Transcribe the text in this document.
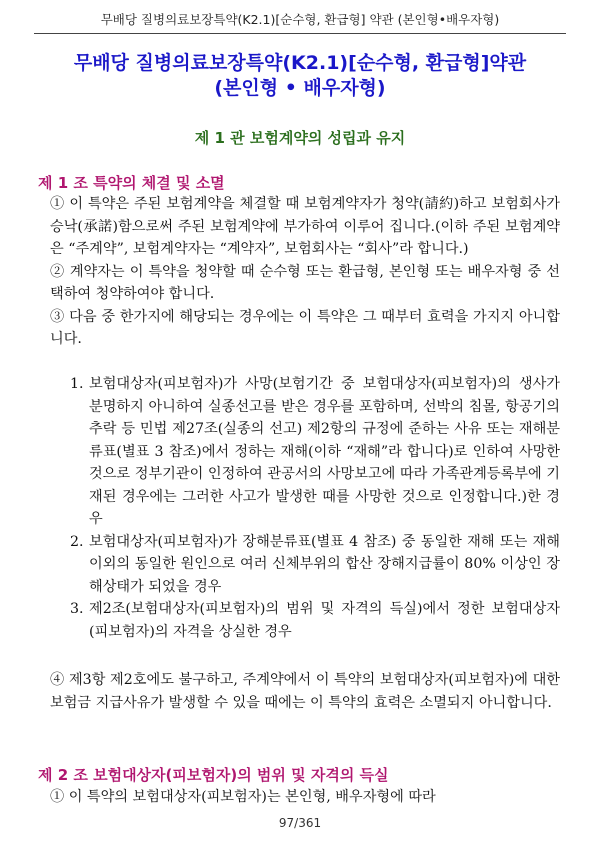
무배당 질병의료보장특약(K2.1)[순수형, 환급형] 약관 (본인형•배우자형)
무배당 질병의료보장특약(K2.1)[순수형, 환급형]약관
(본인형 • 배우자형)
제 1 관 보험계약의 성립과 유지
제 1 조 특약의 체결 및 소멸

① 이 특약은 주된 보험계약을 체결할 때 보험계약자가 청약(請約)하고 보험회사가 승낙(承諾)함으로써 주된 보험계약에 부가하여 이루어 집니다.(이하 주된 보험계약은 “주계약”, 보험계약자는 “계약자”, 보험회사는 “회사”라 합니다.)

② 계약자는 이 특약을 청약할 때 순수형 또는 환급형, 본인형 또는 배우자형 중 선택하여 청약하여야 합니다.

③ 다음 중 한가지에 해당되는 경우에는 이 특약은 그 때부터 효력을 가지지 아니합니다.

1. 보험대상자(피보험자)가 사망(보험기간 중 보험대상자(피보험자)의 생사가 분명하지 아니하여 실종선고를 받은 경우를 포함하며, 선박의 침몰, 항공기의 추락 등 민법 제27조(실종의 선고) 제2항의 규정에 준하는 사유 또는 재해분류표(별표 3 참조)에서 정하는 재해(이하 “재해”라 합니다)로 인하여 사망한 것으로 정부기관이 인정하여 관공서의 사망보고에 따라 가족관계등록부에 기재된 경우에는 그러한 사고가 발생한 때를 사망한 것으로 인정합니다.)한 경우
2. 보험대상자(피보험자)가 장해분류표(별표 4 참조) 중 동일한 재해 또는 재해이외의 동일한 원인으로 여러 신체부위의 합산 장해지급률이 80% 이상인 장해상태가 되었을 경우
3. 제2조(보험대상자(피보험자)의 범위 및 자격의 득실)에서 정한 보험대상자(피보험자)의 자격을 상실한 경우

④ 제3항 제2호에도 불구하고, 주계약에서 이 특약의 보험대상자(피보험자)에 대한 보험금 지급사유가 발생할 수 있을 때에는 이 특약의 효력은 소멸되지 아니합니다.

제 2 조 보험대상자(피보험자)의 범위 및 자격의 득실

① 이 특약의 보험대상자(피보험자)는 본인형, 배우자형에 따라

97/361
